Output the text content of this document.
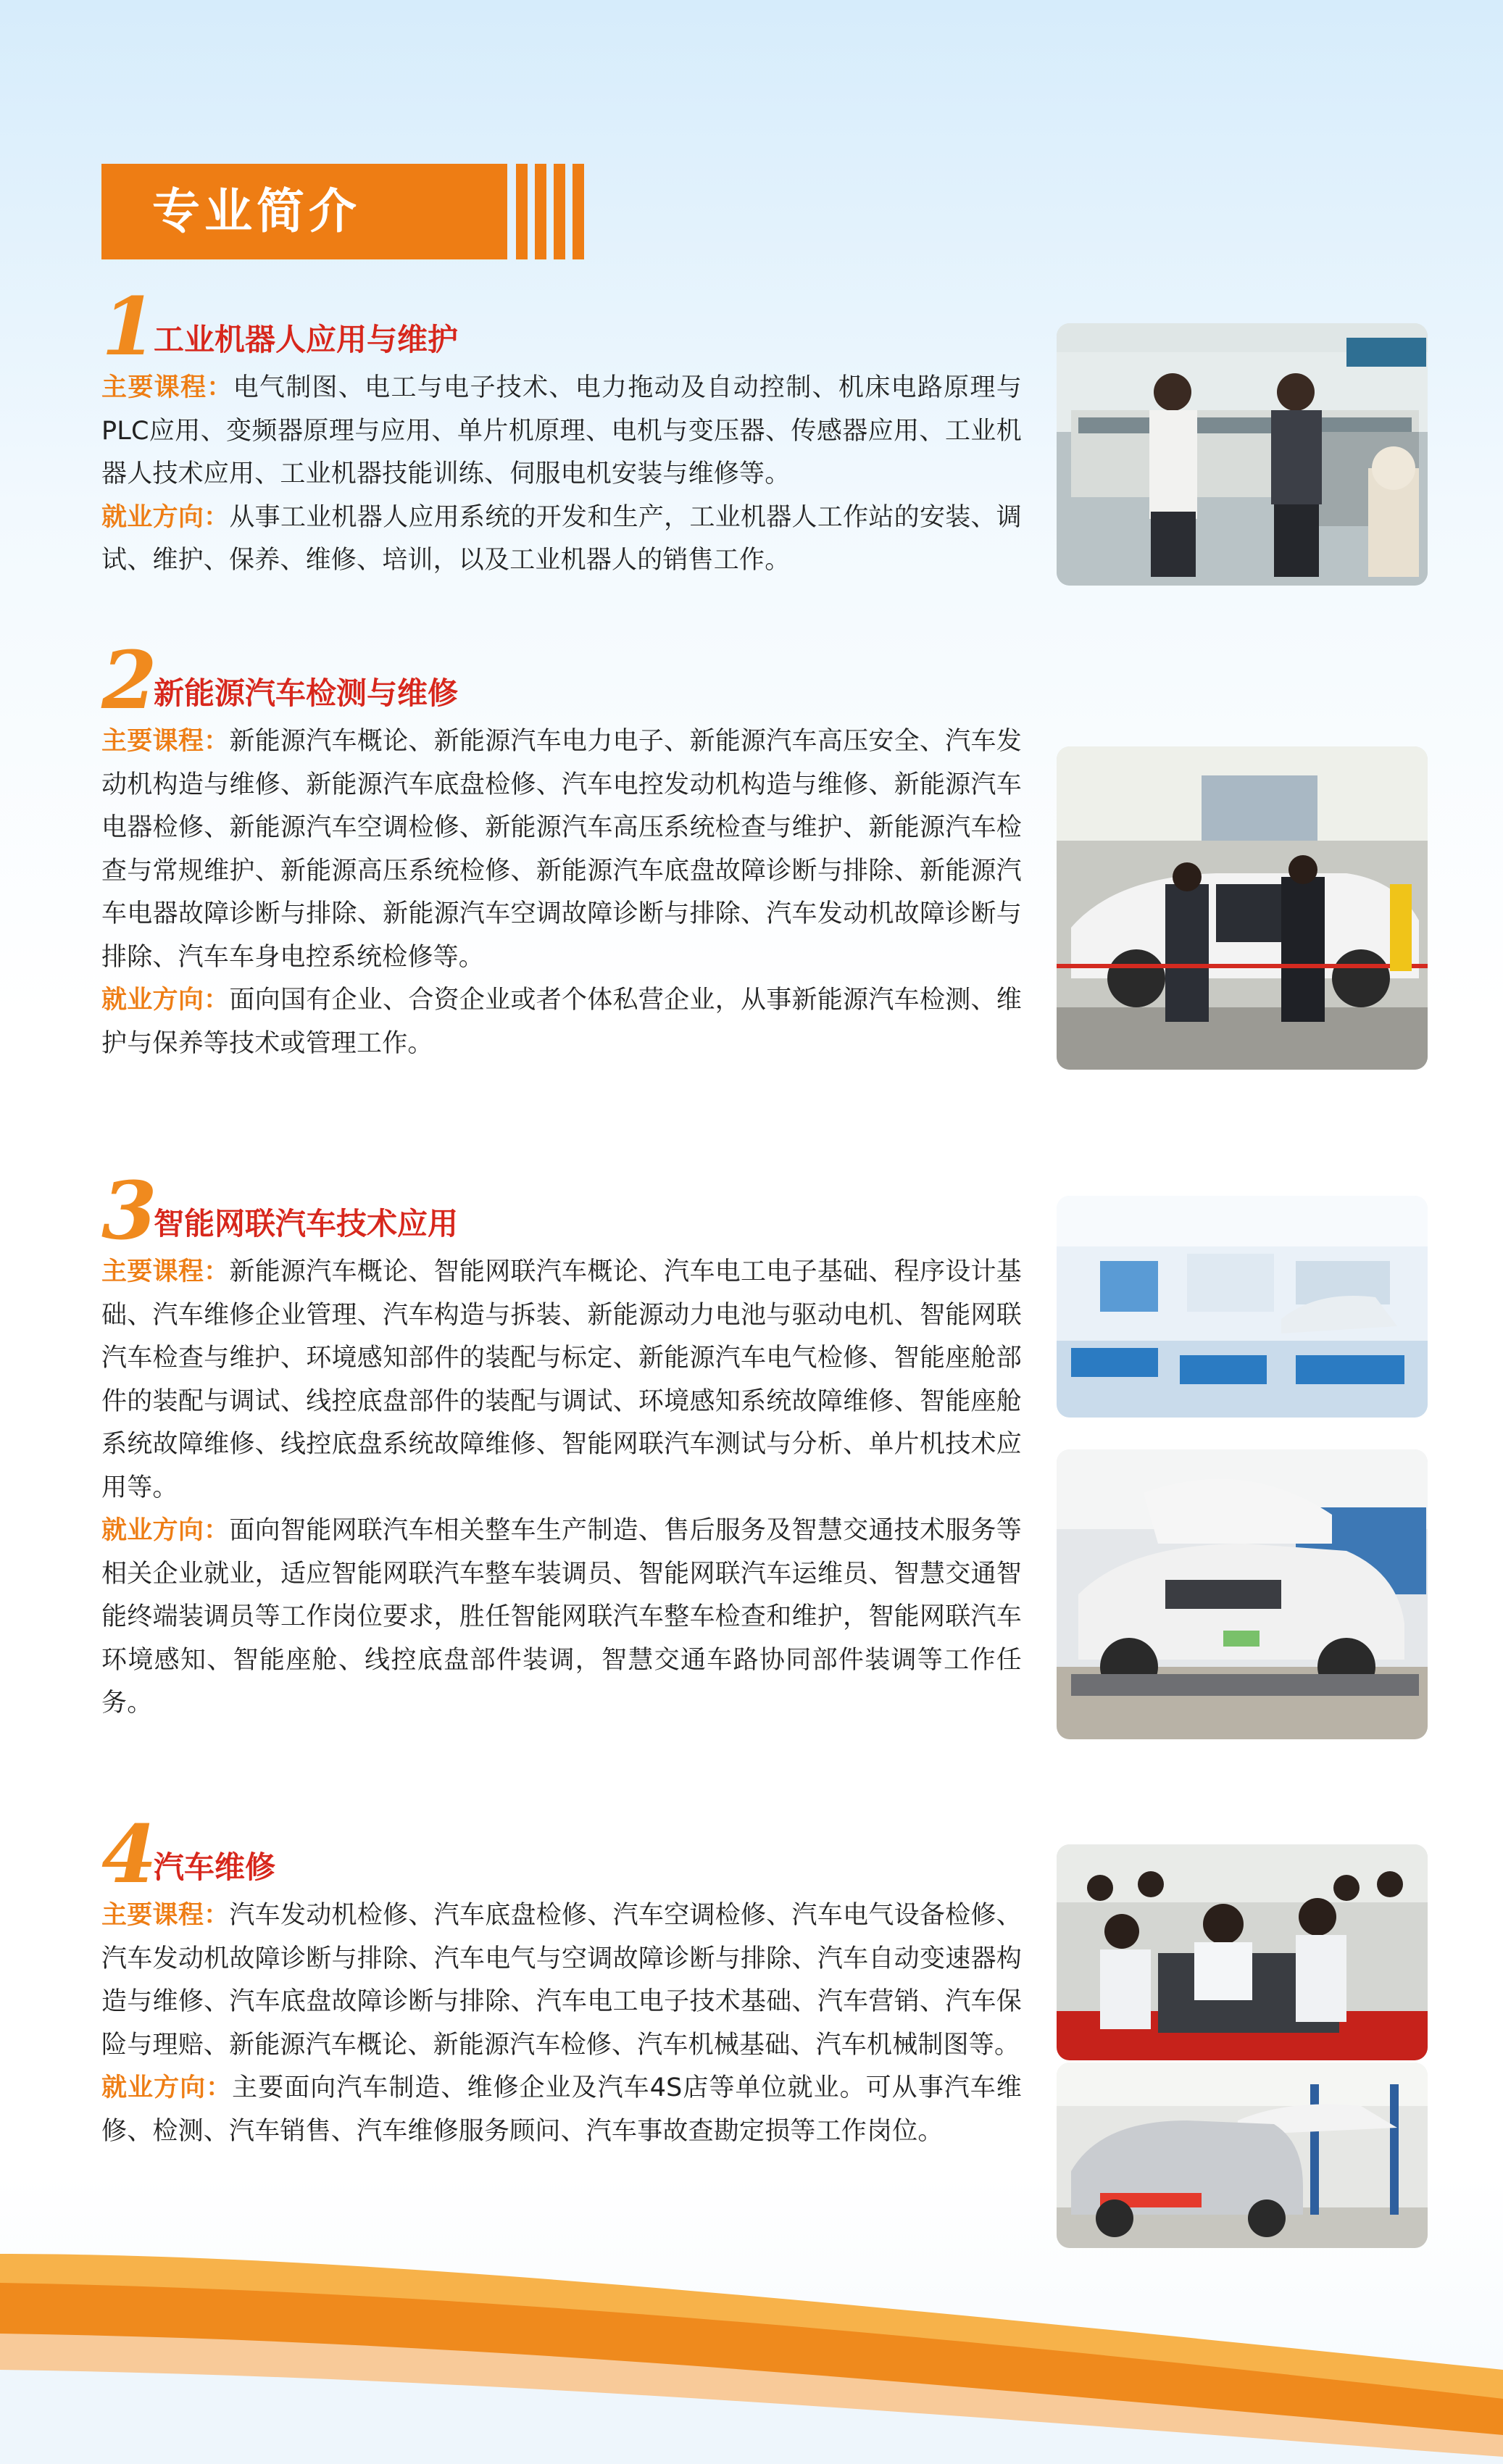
专业简介
1
工业机器人应用与维护

主要课程：电气制图、电工与电子技术、电力拖动及自动控制、机床电路原理与PLC应用、变频器原理与应用、单片机原理、电机与变压器、传感器应用、工业机器人技术应用、工业机器技能训练、伺服电机安装与维修等。

就业方向：从事工业机器人应用系统的开发和生产，工业机器人工作站的安装、调试、维护、保养、维修、培训，以及工业机器人的销售工作。

2
新能源汽车检测与维修

主要课程：新能源汽车概论、新能源汽车电力电子、新能源汽车高压安全、汽车发动机构造与维修、新能源汽车底盘检修、汽车电控发动机构造与维修、新能源汽车电器检修、新能源汽车空调检修、新能源汽车高压系统检查与维护、新能源汽车检查与常规维护、新能源高压系统检修、新能源汽车底盘故障诊断与排除、新能源汽车电器故障诊断与排除、新能源汽车空调故障诊断与排除、汽车发动机故障诊断与排除、汽车车身电控系统检修等。

就业方向：面向国有企业、合资企业或者个体私营企业，从事新能源汽车检测、维护与保养等技术或管理工作。

3
智能网联汽车技术应用

主要课程：新能源汽车概论、智能网联汽车概论、汽车电工电子基础、程序设计基础、汽车维修企业管理、汽车构造与拆装、新能源动力电池与驱动电机、智能网联汽车检查与维护、环境感知部件的装配与标定、新能源汽车电气检修、智能座舱部件的装配与调试、线控底盘部件的装配与调试、环境感知系统故障维修、智能座舱系统故障维修、线控底盘系统故障维修、智能网联汽车测试与分析、单片机技术应用等。

就业方向：面向智能网联汽车相关整车生产制造、售后服务及智慧交通技术服务等相关企业就业，适应智能网联汽车整车装调员、智能网联汽车运维员、智慧交通智能终端装调员等工作岗位要求，胜任智能网联汽车整车检查和维护，智能网联汽车环境感知、智能座舱、线控底盘部件装调，智慧交通车路协同部件装调等工作任务。

4
汽车维修

主要课程：汽车发动机检修、汽车底盘检修、汽车空调检修、汽车电气设备检修、汽车发动机故障诊断与排除、汽车电气与空调故障诊断与排除、汽车自动变速器构造与维修、汽车底盘故障诊断与排除、汽车电工电子技术基础、汽车营销、汽车保险与理赔、新能源汽车概论、新能源汽车检修、汽车机械基础、汽车机械制图等。

就业方向：主要面向汽车制造、维修企业及汽车4S店等单位就业。可从事汽车维修、检测、汽车销售、汽车维修服务顾问、汽车事故查勘定损等工作岗位。
